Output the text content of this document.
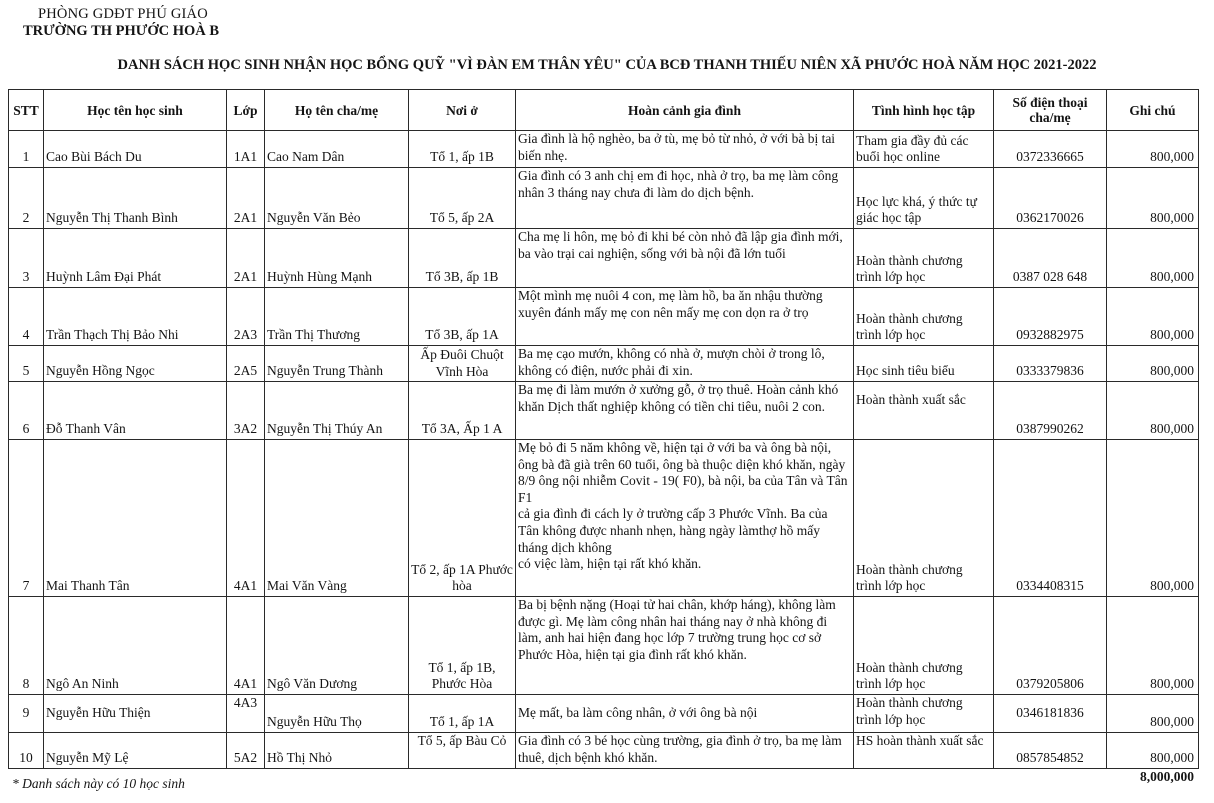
PHÒNG GDĐT PHÚ GIÁO
TRƯỜNG TH PHƯỚC HOÀ B
DANH SÁCH HỌC SINH NHẬN HỌC BỔNG QUỸ "VÌ ĐÀN EM THÂN YÊU" CỦA BCĐ THANH THIẾU NIÊN XÃ PHƯỚC HOÀ NĂM HỌC 2021-2022
STT	Học tên học sinh	Lớp	Họ tên cha/mẹ	Nơi ở	Hoàn cảnh gia đình	Tình hình học tập	Số điện thoại cha/mẹ	Ghi chú
1	Cao Bùi Bách Du	1A1	Cao Nam Dân	Tổ 1, ấp 1B	Gia đình là hộ nghèo, ba ở tù, mẹ bỏ từ nhỏ, ở với bà bị tai biến nhẹ.	Tham gia đầy đủ các buổi học online	0372336665	800,000
2	Nguyễn Thị Thanh Bình	2A1	Nguyễn Văn Bẻo	Tổ 5, ấp 2A	Gia đình có 3 anh chị em đi học, nhà ở trọ, ba mẹ làm công nhân 3 tháng nay chưa đi làm do dịch bệnh.	Học lực khá, ý thức tự giác học tập	0362170026	800,000
3	Huỳnh Lâm Đại Phát	2A1	Huỳnh Hùng Mạnh	Tổ 3B, ấp 1B	Cha mẹ li hôn, mẹ bỏ đi khi bé còn nhỏ đã lập gia đình mới, ba vào trại cai nghiện, sống với bà nội đã lớn tuổi	Hoàn thành chương trình lớp học	0387 028 648	800,000
4	Trần Thạch Thị Bảo Nhi	2A3	Trần Thị Thương	Tổ 3B, ấp 1A	Một mình mẹ nuôi 4 con, mẹ làm hồ, ba ăn nhậu thường xuyên đánh mấy mẹ con nên mấy mẹ con dọn ra ở trọ	Hoàn thành chương trình lớp học	0932882975	800,000
5	Nguyễn Hồng Ngọc	2A5	Nguyễn Trung Thành	Ấp Đuôi Chuột Vĩnh Hòa	Ba mẹ cạo mướn, không có nhà ở, mượn chòi ở trong lô, không có điện, nước phải đi xin.	Học sinh tiêu biểu	0333379836	800,000
6	Đỗ Thanh Vân	3A2	Nguyễn Thị Thúy An	Tổ 3A, Ấp 1 A	Ba mẹ đi làm mướn ở xưởng gỗ, ở trọ thuê. Hoàn cảnh khó khăn Dịch thất nghiệp không có tiền chi tiêu, nuôi 2 con.	Hoàn thành xuất sắc	0387990262	800,000
7	Mai Thanh Tân	4A1	Mai Văn Vàng	Tổ 2, ấp 1A Phước hòa	Mẹ bỏ đi 5 năm không về, hiện tại ở với ba và ông bà nội, ông bà đã già trên 60 tuổi, ông bà thuộc diện khó khăn, ngày 8/9 ông nội nhiễm Covit - 19( F0), bà nội, ba của Tân và Tân F1
cả gia đình đi cách ly ở trường cấp 3 Phước Vĩnh. Ba của Tân không được nhanh nhẹn, hàng ngày làmthợ hồ mấy tháng dịch không
có việc làm, hiện tại rất khó khăn.	Hoàn thành chương trình lớp học	0334408315	800,000
8	Ngô An Ninh	4A1	Ngô Văn Dương	Tổ 1, ấp 1B, Phước Hòa	Ba bị bệnh nặng (Hoại tử hai chân, khớp háng), không làm được gì. Mẹ làm công nhân hai tháng nay ở nhà không đi làm, anh hai hiện đang học lớp 7 trường trung học cơ sở Phước Hòa, hiện tại gia đình rất khó khăn.	Hoàn thành chương trình lớp học	0379205806	800,000
9	Nguyễn Hữu Thiện	4A3	Nguyễn Hữu Thọ	Tổ 1, ấp 1A	Mẹ mất, ba làm công nhân, ở với ông bà nội	Hoàn thành chương trình lớp học	0346181836	800,000
10	Nguyễn Mỹ Lệ	5A2	Hồ Thị Nhỏ	Tổ 5, ấp Bàu Cỏ	Gia đình có 3 bé học cùng trường, gia đình ở trọ, ba mẹ làm thuê, dịch bệnh khó khăn.	HS hoàn thành xuất sắc	0857854852	800,000
* Danh sách này có 10 học sinh	8,000,000
